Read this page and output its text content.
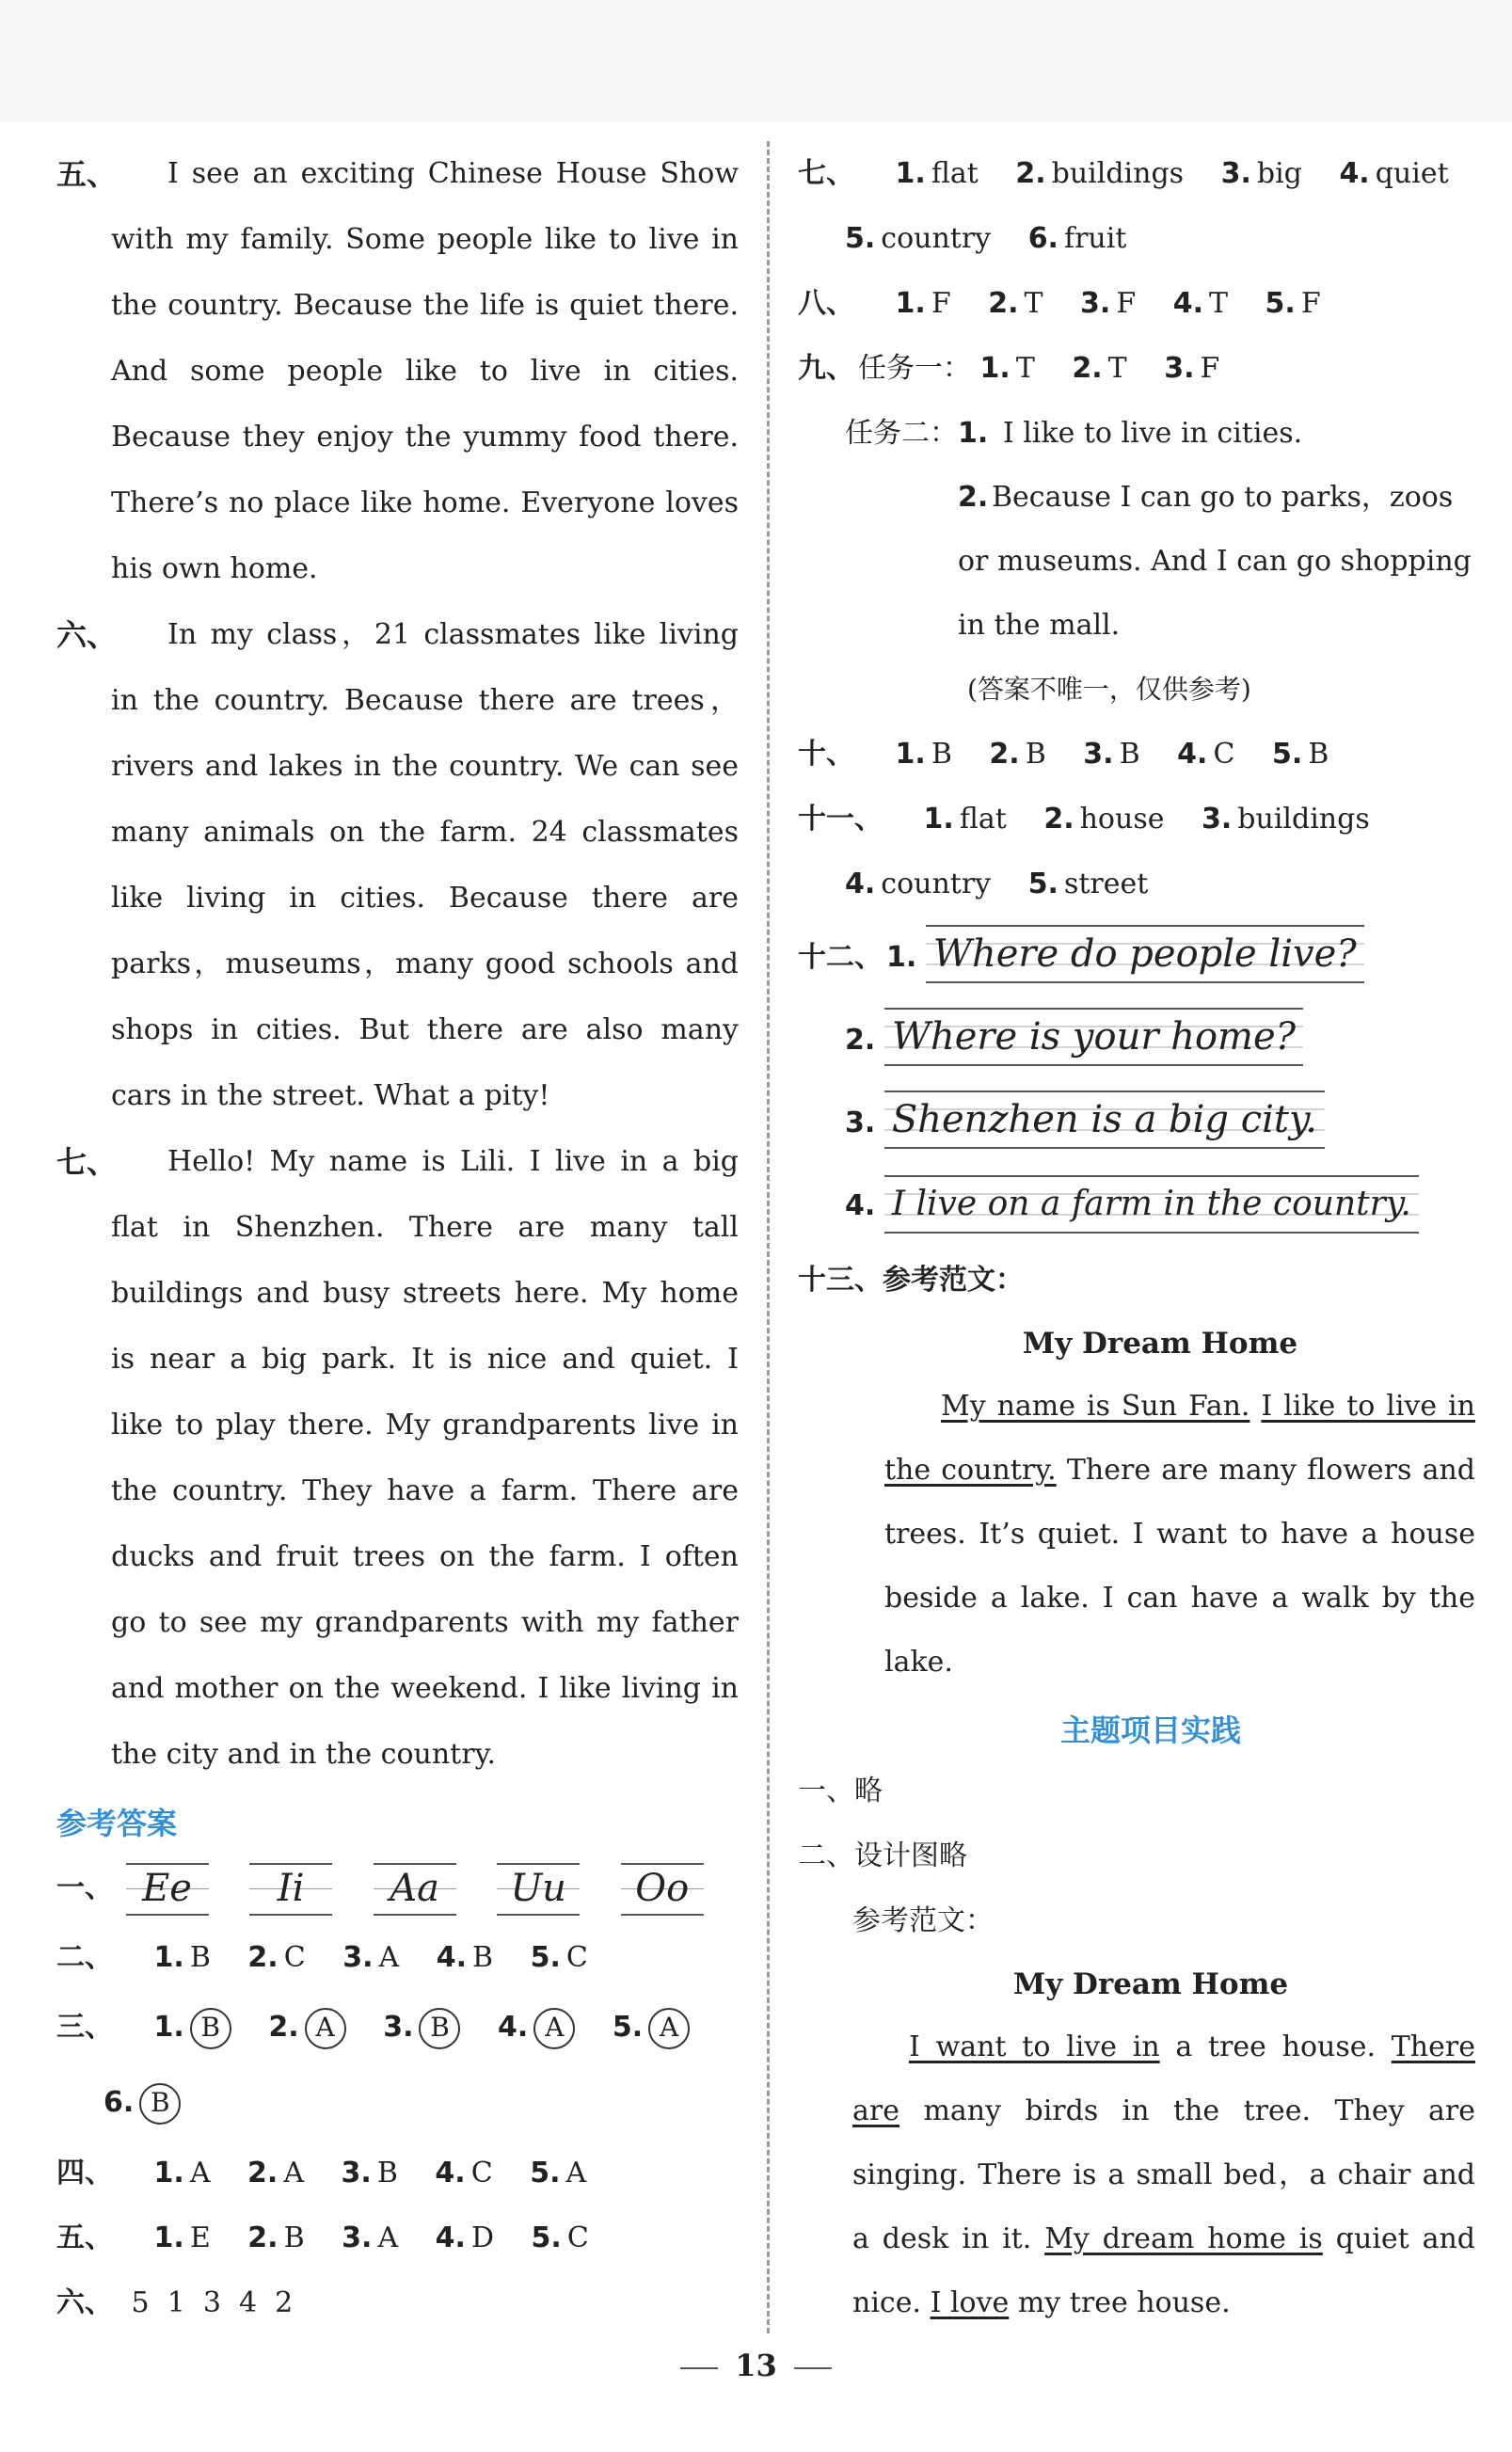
五、	I see an exciting Chinese House Show with my family. Some people like to live in the country. Because the life is quiet there. And some people like to live in cities. Because they enjoy the yummy food there. There’s no place like home. Everyone loves his own home.
六、	In my class，21 classmates like living in the country. Because there are trees，rivers and lakes in the country. We can see many animals on the farm. 24 classmates like living in cities. Because there are parks，museums，many good schools and shops in cities. But there are also many cars in the street. What a pity!
七、	Hello! My name is Lili. I live in a big flat in Shenzhen. There are many tall buildings and busy streets here. My home is near a big park. It is nice and quiet. I like to play there. My grandparents live in the country. They have a farm. There are ducks and fruit trees on the farm. I often go to see my grandparents with my father and mother on the weekend. I like living in the city and in the country.
参考答案
一、 Ee Ii Aa Uu Oo
二、 1. B 2. C 3. A 4. B 5. C
三、 1. B 2. A 3. B 4. A 5. A
6. B
四、 1. A 2. A 3. B 4. C 5. A
五、 1. E 2. B 3. A 4. D 5. C
六、 5  1  3  4  2
七、 1. flat 2. buildings 3. big 4. quiet
5. country 6. fruit
八、 1. F 2. T 3. F 4. T 5. F
九、 任务一： 1. T 2. T 3. F
任务二：1. I like to live in cities.
2. Because I can go to parks，zoos or museums. And I can go shopping in the mall.
(答案不唯一，仅供参考)
十、 1. B 2. B 3. B 4. C 5. B
十一、 1. flat 2. house 3. buildings
4. country 5. street
十二、 1. Where do people live?
2. Where is your home?
3. Shenzhen is a big city.
4. I live on a farm in the country.
十三、参考范文：
My Dream Home
My name is Sun Fan. I like to live in the country. There are many flowers and trees. It’s quiet. I want to have a house beside a lake. I can have a walk by the lake.
主题项目实践
一、略
二、设计图略
参考范文：
My Dream Home
I want to live in a tree house. There are many birds in the tree. They are singing. There is a small bed，a chair and a desk in it. My dream home is quiet and nice. I love my tree house.
13
